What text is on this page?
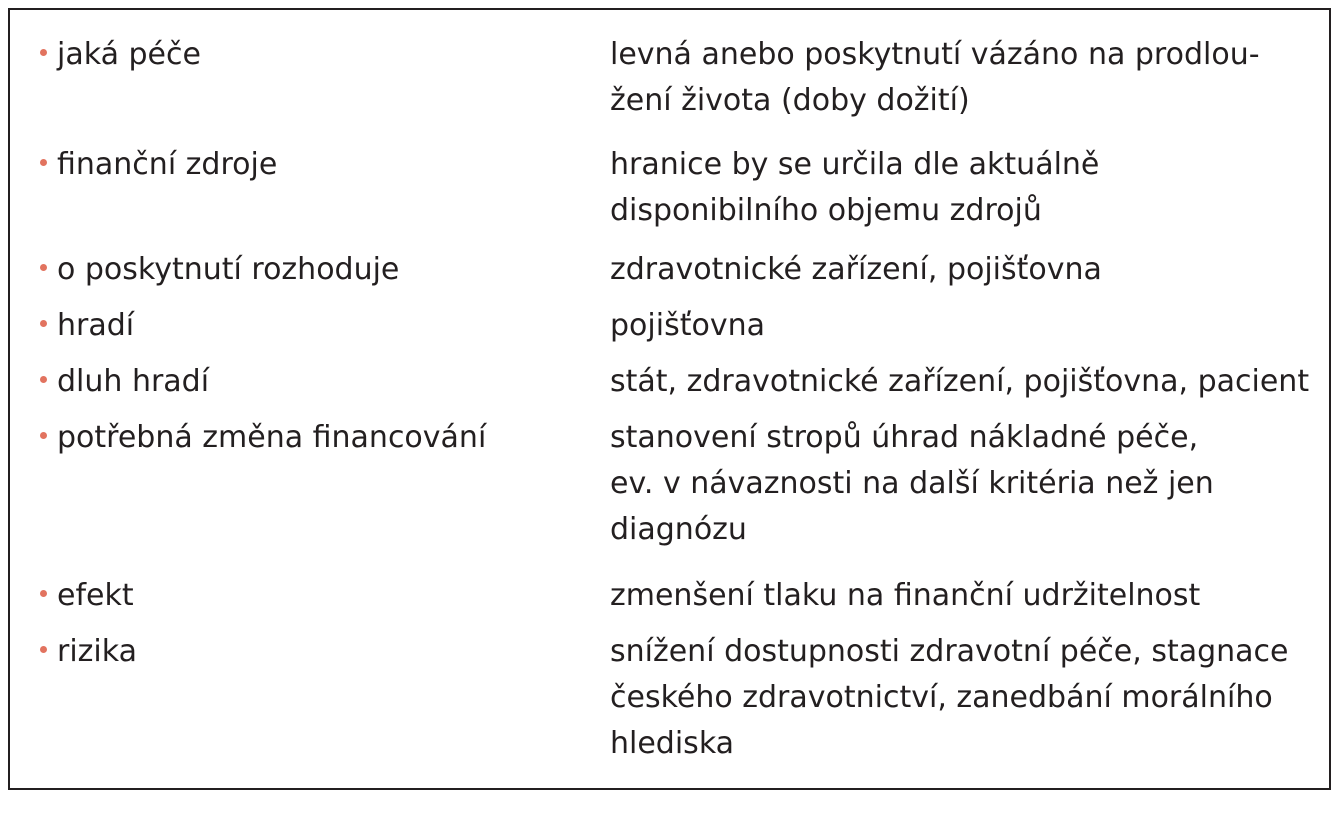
jaká péče	levná anebo poskytnutí vázáno na prodlou-
žení života (doby dožití)
finanční zdroje	hranice by se určila dle aktuálně
disponibilního objemu zdrojů
o poskytnutí rozhoduje	zdravotnické zařízení, pojišťovna
hradí	pojišťovna
dluh hradí	stát, zdravotnické zařízení, pojišťovna, pacient
potřebná změna financování	stanovení stropů úhrad nákladné péče,
ev. v návaznosti na další kritéria než jen
diagnózu
efekt	zmenšení tlaku na finanční udržitelnost
rizika	snížení dostupnosti zdravotní péče, stagnace
českého zdravotnictví, zanedbání morálního
hlediska
